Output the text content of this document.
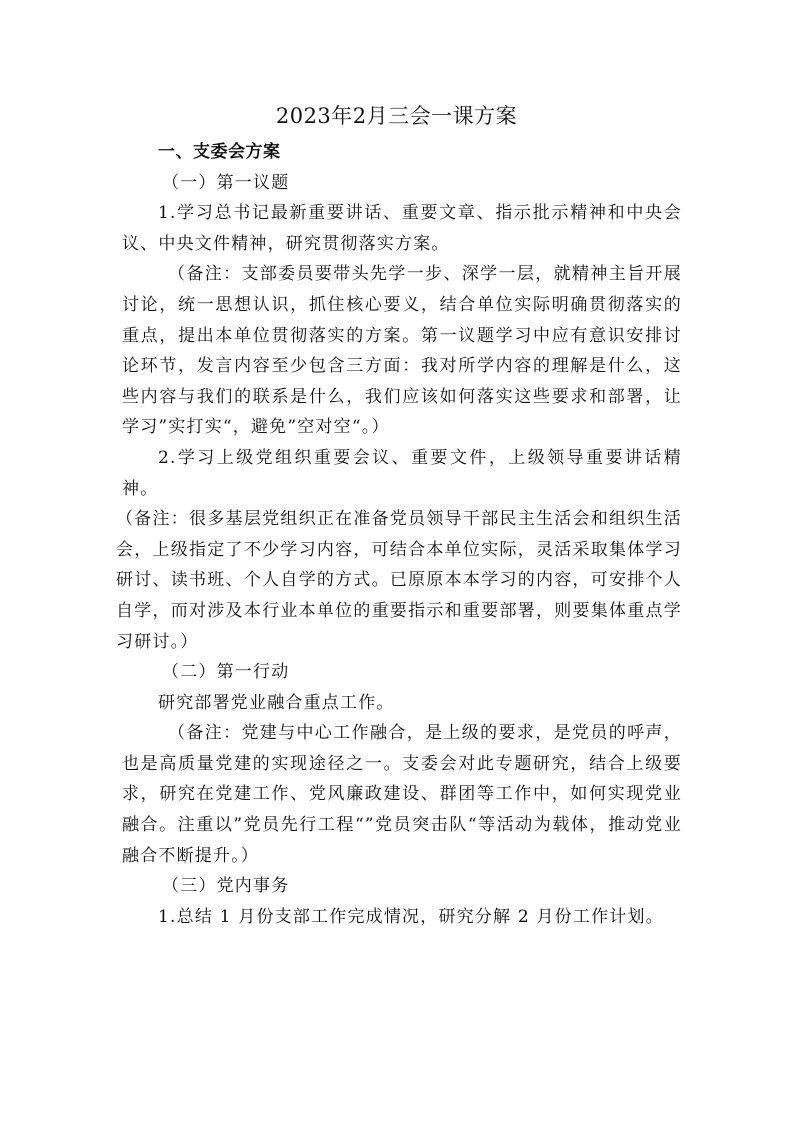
2023年2月三会一课方案

一、支委会方案

（一）第一议题

1.学习总书记最新重要讲话、重要文章、指示批示精神和中央会议、中央文件精神，研究贯彻落实方案。

（备注：支部委员要带头先学一步、深学一层，就精神主旨开展讨论，统一思想认识，抓住核心要义，结合单位实际明确贯彻落实的重点，提出本单位贯彻落实的方案。第一议题学习中应有意识安排讨论环节，发言内容至少包含三方面：我对所学内容的理解是什么，这些内容与我们的联系是什么，我们应该如何落实这些要求和部署，让学习”实打实“，避免”空对空“。）

2.学习上级党组织重要会议、重要文件，上级领导重要讲话精神。

（备注：很多基层党组织正在准备党员领导干部民主生活会和组织生活会，上级指定了不少学习内容，可结合本单位实际，灵活采取集体学习研讨、读书班、个人自学的方式。已原原本本学习的内容，可安排个人自学，而对涉及本行业本单位的重要指示和重要部署，则要集体重点学习研讨。）

（二）第一行动

研究部署党业融合重点工作。

（备注：党建与中心工作融合，是上级的要求，是党员的呼声，也是高质量党建的实现途径之一。支委会对此专题研究，结合上级要求，研究在党建工作、党风廉政建设、群团等工作中，如何实现党业融合。注重以”党员先行工程“”党员突击队“等活动为载体，推动党业融合不断提升。）

（三）党内事务

1.总结 1 月份支部工作完成情况，研究分解 2 月份工作计划。
